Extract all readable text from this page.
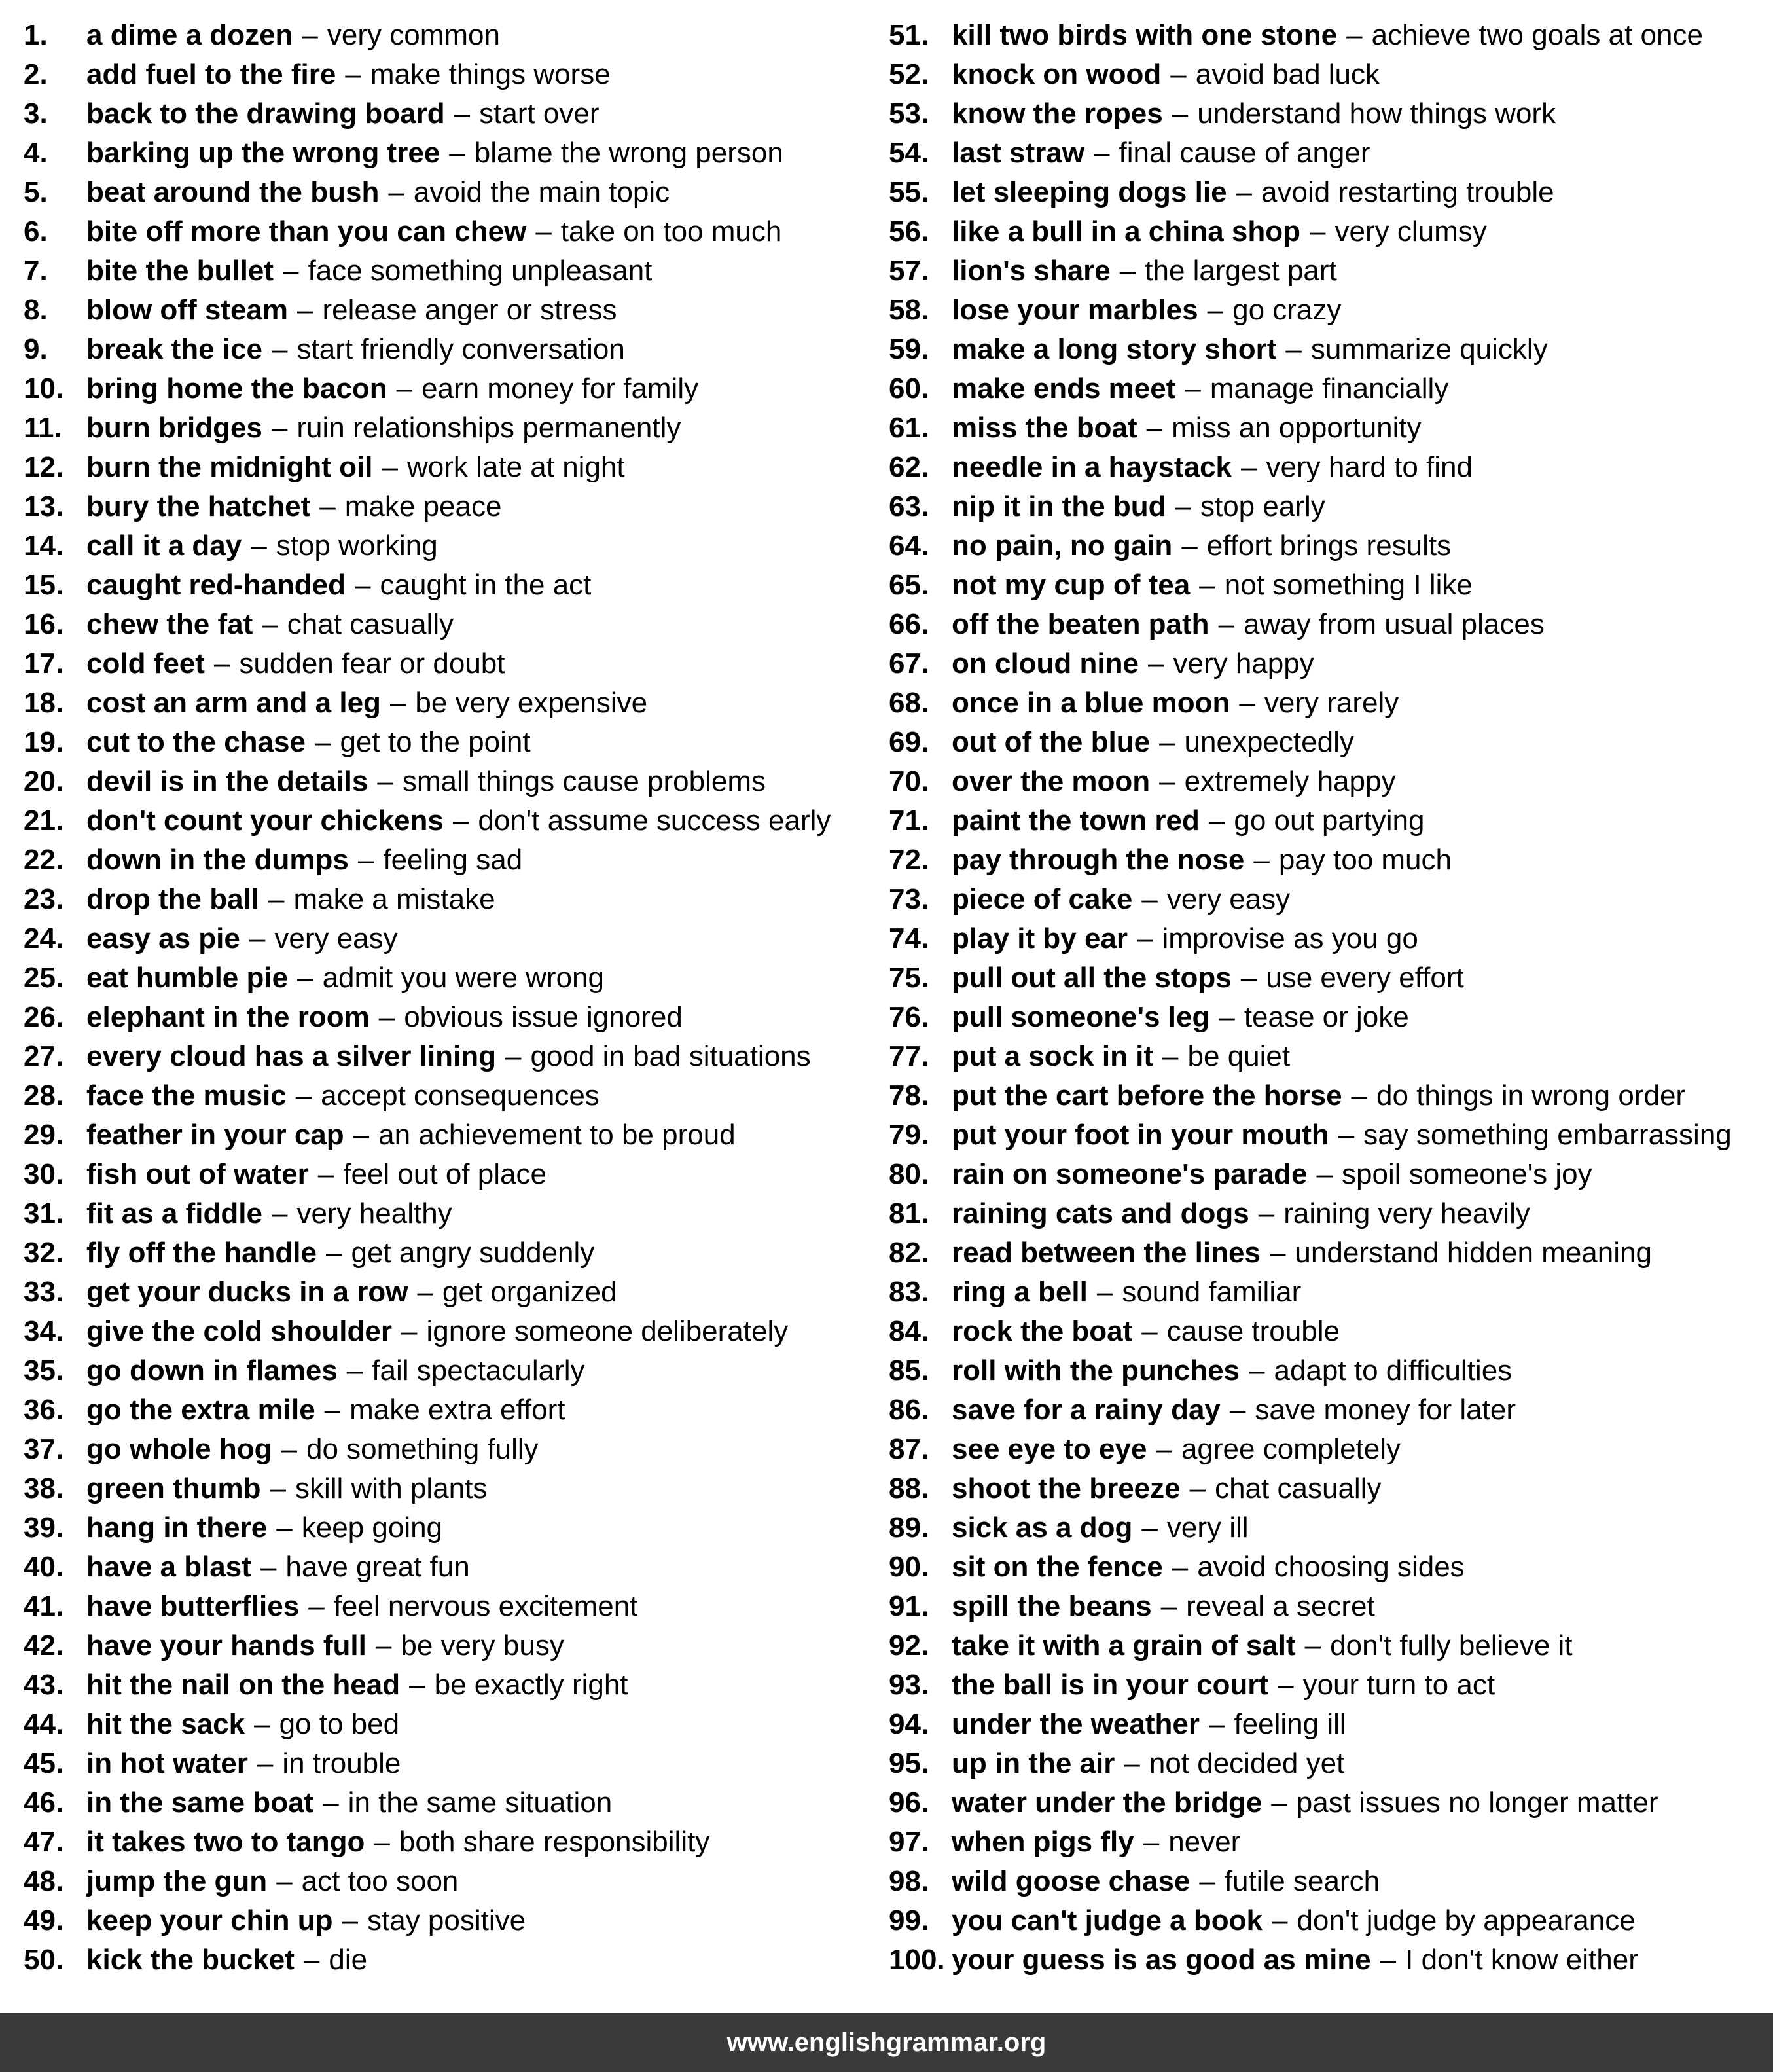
1.	a dime a dozen – very common
2.	add fuel to the fire – make things worse
3.	back to the drawing board – start over
4.	barking up the wrong tree – blame the wrong person
5.	beat around the bush – avoid the main topic
6.	bite off more than you can chew – take on too much
7.	bite the bullet – face something unpleasant
8.	blow off steam – release anger or stress
9.	break the ice – start friendly conversation
10. bring home the bacon – earn money for family
11. burn bridges – ruin relationships permanently
12. burn the midnight oil – work late at night
13. bury the hatchet – make peace
14. call it a day – stop working
15. caught red-handed – caught in the act
16. chew the fat – chat casually
17. cold feet – sudden fear or doubt
18. cost an arm and a leg – be very expensive
19. cut to the chase – get to the point
20. devil is in the details – small things cause problems
21. don't count your chickens – don't assume success early
22. down in the dumps – feeling sad
23. drop the ball – make a mistake
24. easy as pie – very easy
25. eat humble pie – admit you were wrong
26. elephant in the room – obvious issue ignored
27. every cloud has a silver lining – good in bad situations
28. face the music – accept consequences
29. feather in your cap – an achievement to be proud
30. fish out of water – feel out of place
31. fit as a fiddle – very healthy
32. fly off the handle – get angry suddenly
33. get your ducks in a row – get organized
34. give the cold shoulder – ignore someone deliberately
35. go down in flames – fail spectacularly
36. go the extra mile – make extra effort
37. go whole hog – do something fully
38. green thumb – skill with plants
39. hang in there – keep going
40. have a blast – have great fun
41. have butterflies – feel nervous excitement
42. have your hands full – be very busy
43. hit the nail on the head – be exactly right
44. hit the sack – go to bed
45. in hot water – in trouble
46. in the same boat – in the same situation
47. it takes two to tango – both share responsibility
48. jump the gun – act too soon
49. keep your chin up – stay positive
50. kick the bucket – die
51. kill two birds with one stone – achieve two goals at once
52. knock on wood – avoid bad luck
53. know the ropes – understand how things work
54. last straw – final cause of anger
55. let sleeping dogs lie – avoid restarting trouble
56. like a bull in a china shop – very clumsy
57. lion's share – the largest part
58. lose your marbles – go crazy
59. make a long story short – summarize quickly
60. make ends meet – manage financially
61. miss the boat – miss an opportunity
62. needle in a haystack – very hard to find
63. nip it in the bud – stop early
64. no pain, no gain – effort brings results
65. not my cup of tea – not something I like
66. off the beaten path – away from usual places
67. on cloud nine – very happy
68. once in a blue moon – very rarely
69. out of the blue – unexpectedly
70. over the moon – extremely happy
71. paint the town red – go out partying
72. pay through the nose – pay too much
73. piece of cake – very easy
74. play it by ear – improvise as you go
75. pull out all the stops – use every effort
76. pull someone's leg – tease or joke
77. put a sock in it – be quiet
78. put the cart before the horse – do things in wrong order
79. put your foot in your mouth – say something embarrassing
80. rain on someone's parade – spoil someone's joy
81. raining cats and dogs – raining very heavily
82. read between the lines – understand hidden meaning
83. ring a bell – sound familiar
84. rock the boat – cause trouble
85. roll with the punches – adapt to difficulties
86. save for a rainy day – save money for later
87. see eye to eye – agree completely
88. shoot the breeze – chat casually
89. sick as a dog – very ill
90. sit on the fence – avoid choosing sides
91. spill the beans – reveal a secret
92. take it with a grain of salt – don't fully believe it
93. the ball is in your court – your turn to act
94. under the weather – feeling ill
95. up in the air – not decided yet
96. water under the bridge – past issues no longer matter
97. when pigs fly – never
98. wild goose chase – futile search
99. you can't judge a book – don't judge by appearance
100. your guess is as good as mine – I don't know either
www.englishgrammar.org
